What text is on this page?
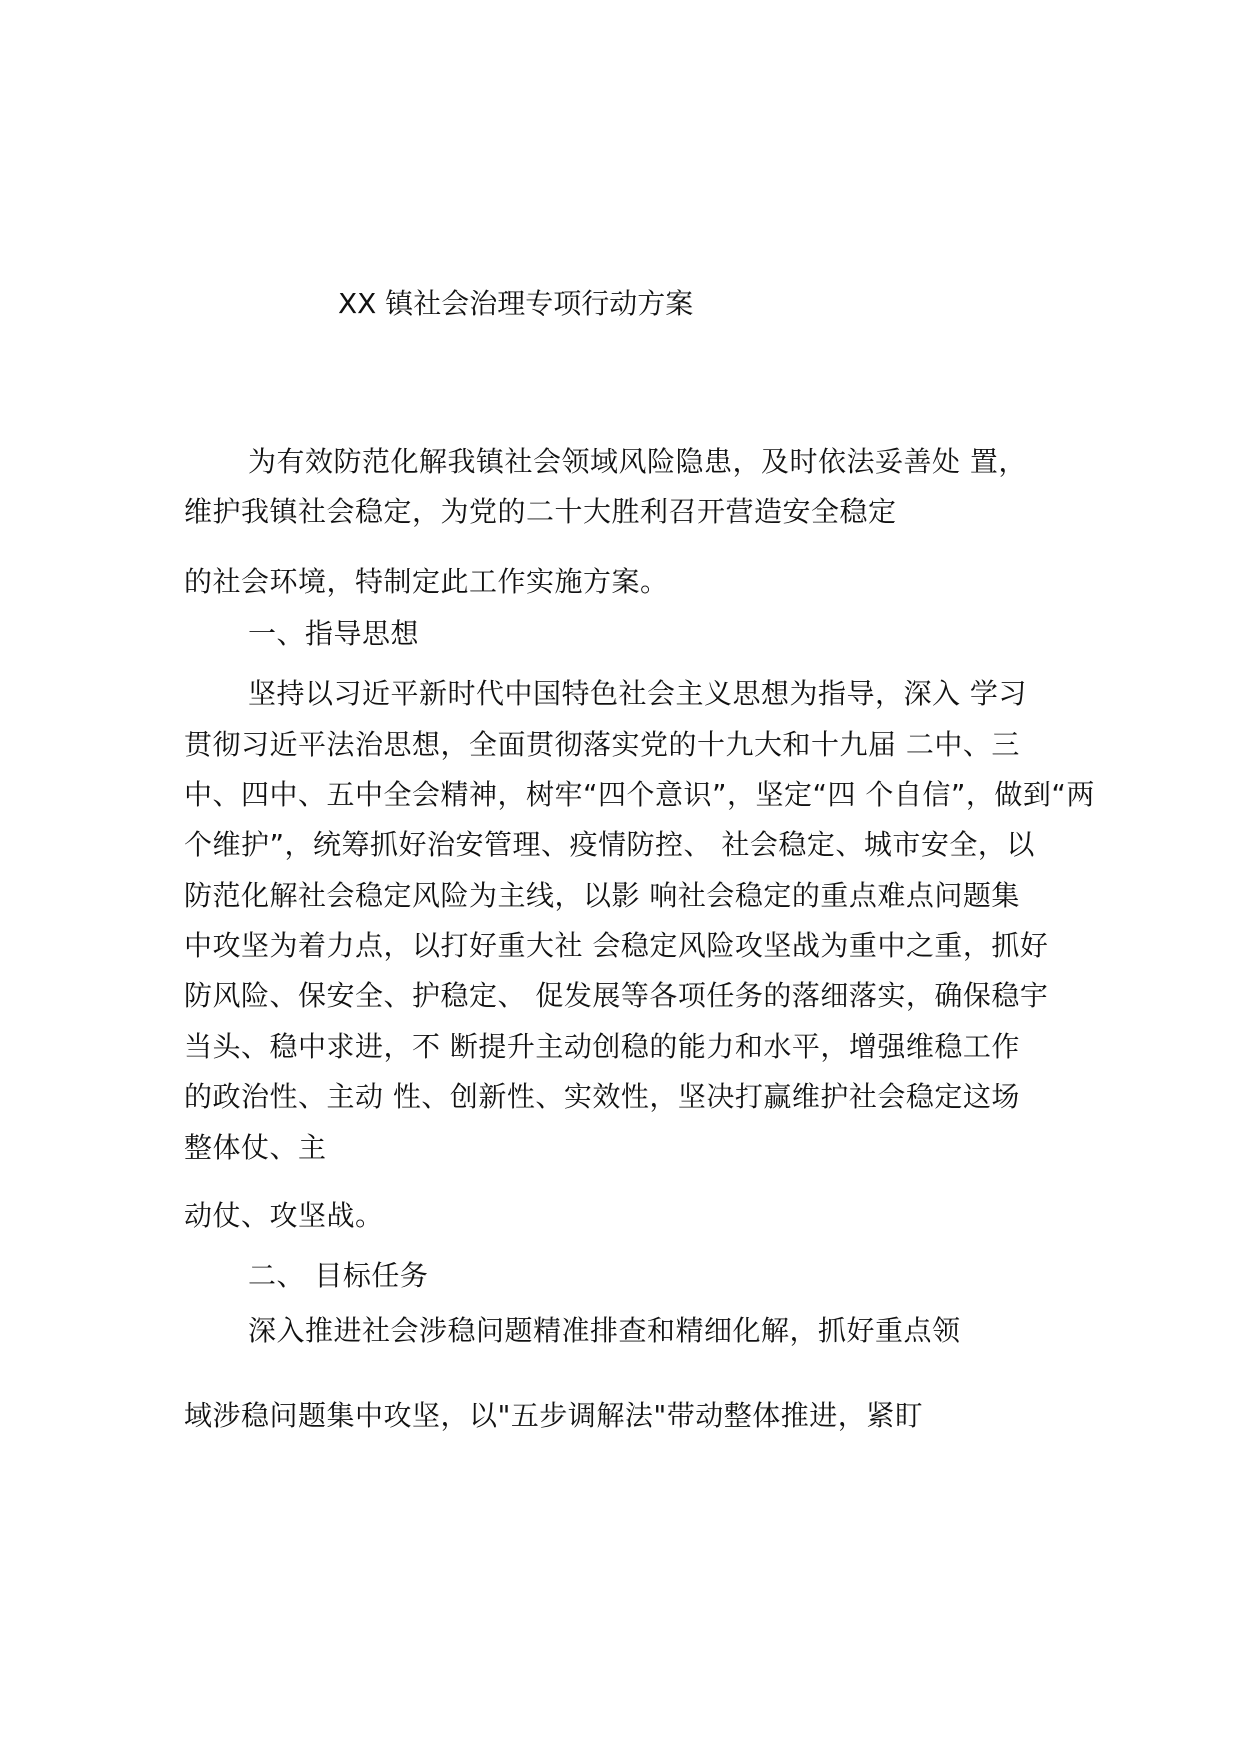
XX 镇社会治理专项行动方案
为有效防范化解我镇社会领域风险隐患，及时依法妥善处 置，
维护我镇社会稳定，为党的二十大胜利召开营造安全稳定
的社会环境，特制定此工作实施方案。
一、指导思想
坚持以习近平新时代中国特色社会主义思想为指导，深入 学习
贯彻习近平法治思想，全面贯彻落实党的十九大和十九届 二中、三
中、四中、五中全会精神，树牢“四个意识”，坚定“四 个自信”，做到“两
个维护”，统筹抓好治安管理、疫情防控、 社会稳定、城市安全，以
防范化解社会稳定风险为主线，以影 响社会稳定的重点难点问题集
中攻坚为着力点，以打好重大社 会稳定风险攻坚战为重中之重，抓好
防风险、保安全、护稳定、 促发展等各项任务的落细落实，确保稳宇
当头、稳中求进，不 断提升主动创稳的能力和水平，增强维稳工作
的政治性、主动 性、创新性、实效性，坚决打赢维护社会稳定这场
整体仗、主
动仗、攻坚战。
二、 目标任务
深入推进社会涉稳问题精准排查和精细化解，抓好重点领
域涉稳问题集中攻坚，以"五步调解法"带动整体推进，紧盯
